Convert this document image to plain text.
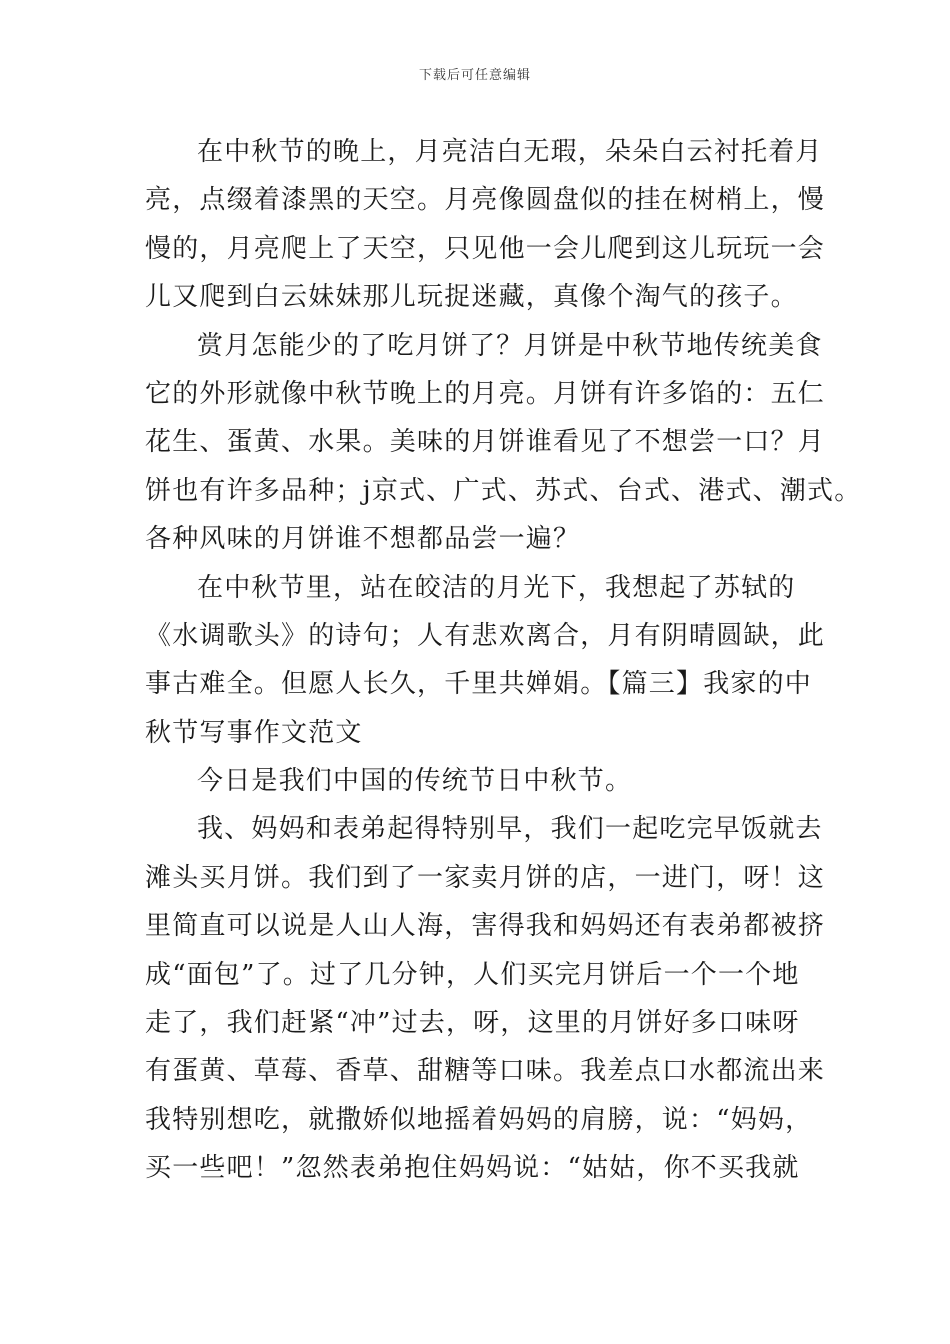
下载后可任意编辑
在中秋节的晚上，月亮洁白无瑕，朵朵白云衬托着月
亮，点缀着漆黑的天空。月亮像圆盘似的挂在树梢上，慢
慢的，月亮爬上了天空，只见他一会儿爬到这儿玩玩一会
儿又爬到白云妹妹那儿玩捉迷藏，真像个淘气的孩子。
赏月怎能少的了吃月饼了？月饼是中秋节地传统美食
它的外形就像中秋节晚上的月亮。月饼有许多馅的：五仁
花生、蛋黄、水果。美味的月饼谁看见了不想尝一口？月
饼也有许多品种；j京式、广式、苏式、台式、港式、潮式。
各种风味的月饼谁不想都品尝一遍？
在中秋节里，站在皎洁的月光下，我想起了苏轼的
《水调歌头》的诗句；人有悲欢离合，月有阴晴圆缺，此
事古难全。但愿人长久，千里共婵娟。【篇三】我家的中
秋节写事作文范文
今日是我们中国的传统节日中秋节。
我、妈妈和表弟起得特别早，我们一起吃完早饭就去
滩头买月饼。我们到了一家卖月饼的店，一进门，呀！这
里简直可以说是人山人海，害得我和妈妈还有表弟都被挤
成“面包”了。过了几分钟，人们买完月饼后一个一个地
走了，我们赶紧“冲”过去，呀，这里的月饼好多口味呀
有蛋黄、草莓、香草、甜糖等口味。我差点口水都流出来
我特别想吃，就撒娇似地摇着妈妈的肩膀，说：“妈妈，
买一些吧！”忽然表弟抱住妈妈说：“姑姑，你不买我就
